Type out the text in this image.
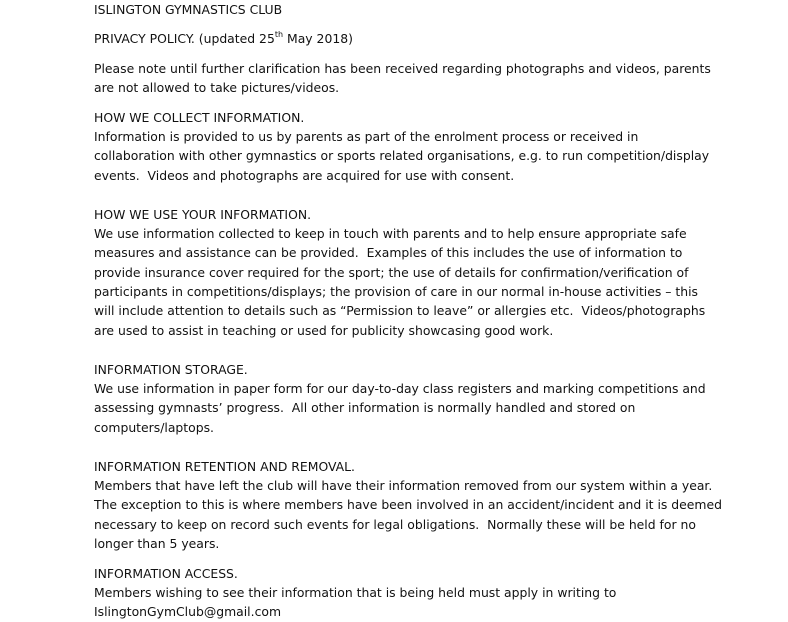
ISLINGTON GYMNASTICS CLUB

PRIVACY POLICY. (updated 25th May 2018)

Please note until further clarification has been received regarding photographs and videos, parents

are not allowed to take pictures/videos.

HOW WE COLLECT INFORMATION.

Information is provided to us by parents as part of the enrolment process or received in

collaboration with other gymnastics or sports related organisations, e.g. to run competition/display

events.  Videos and photographs are acquired for use with consent.

HOW WE USE YOUR INFORMATION.

We use information collected to keep in touch with parents and to help ensure appropriate safe

measures and assistance can be provided.  Examples of this includes the use of information to

provide insurance cover required for the sport; the use of details for confirmation/verification of

participants in competitions/displays; the provision of care in our normal in-house activities – this

will include attention to details such as “Permission to leave” or allergies etc.  Videos/photographs

are used to assist in teaching or used for publicity showcasing good work.

INFORMATION STORAGE.

We use information in paper form for our day-to-day class registers and marking competitions and

assessing gymnasts’ progress.  All other information is normally handled and stored on

computers/laptops.

INFORMATION RETENTION AND REMOVAL.

Members that have left the club will have their information removed from our system within a year.

The exception to this is where members have been involved in an accident/incident and it is deemed

necessary to keep on record such events for legal obligations.  Normally these will be held for no

longer than 5 years.

INFORMATION ACCESS.

Members wishing to see their information that is being held must apply in writing to

IslingtonGymClub@gmail.com
